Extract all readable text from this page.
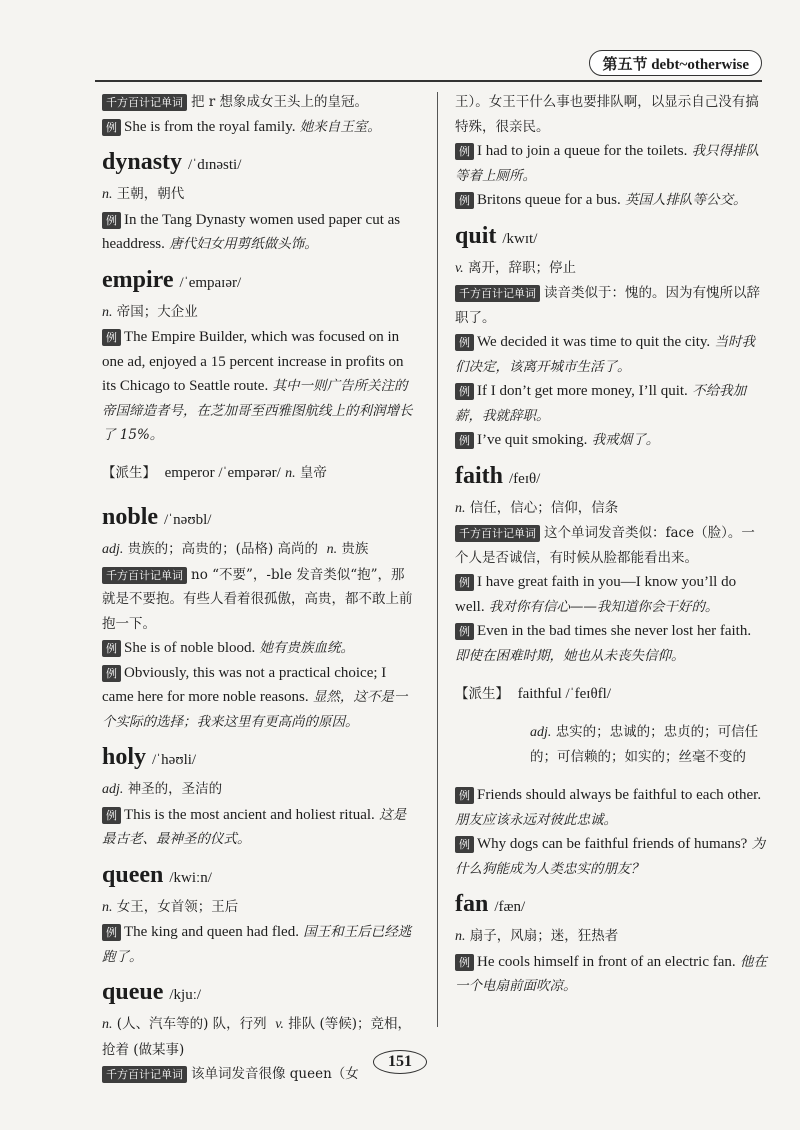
第五节 debt~otherwise

千方百计记单词 把 r 想象成女王头上的皇冠。

例 She is from the royal family. 她来自王室。

dynasty /ˈdɪnəsti/

n. 王朝，朝代

例 In the Tang Dynasty women used paper cut as headdress. 唐代妇女用剪纸做头饰。

empire /ˈempaɪər/

n. 帝国；大企业

例 The Empire Builder, which was focused on in one ad, enjoyed a 15 percent increase in profits on its Chicago to Seattle route. 其中一则广告所关注的帝国缔造者号，在芝加哥至西雅图航线上的利润增长了 15%。

【派生】 emperor /ˈempərər/ n. 皇帝

noble /ˈnəʊbl/

adj. 贵族的；高贵的；(品格) 高尚的 n. 贵族

千方百计记单词 no “不要”，-ble 发音类似“抱”，那就是不要抱。有些人看着很孤傲，高贵，都不敢上前抱一下。

例 She is of noble blood. 她有贵族血统。

例 Obviously, this was not a practical choice; I came here for more noble reasons. 显然，这不是一个实际的选择；我来这里有更高尚的原因。

holy /ˈhəʊli/

adj. 神圣的，圣洁的

例 This is the most ancient and holiest ritual. 这是最古老、最神圣的仪式。

queen /kwiːn/

n. 女王，女首领；王后

例 The king and queen had fled. 国王和王后已经逃跑了。

queue /kjuː/

n. (人、汽车等的) 队，行列 v. 排队 (等候)；竞相，抢着 (做某事)

千方百计记单词 该单词发音很像 queen（女

王）。女王干什么事也要排队啊，以显示自己没有搞特殊，很亲民。

例 I had to join a queue for the toilets. 我只得排队等着上厕所。

例 Britons queue for a bus. 英国人排队等公交。

quit /kwɪt/

v. 离开，辞职；停止

千方百计记单词 读音类似于：愧的。因为有愧所以辞职了。

例 We decided it was time to quit the city. 当时我们决定，该离开城市生活了。

例 If I don’t get more money, I’ll quit. 不给我加薪，我就辞职。

例 I’ve quit smoking. 我戒烟了。

faith /feɪθ/

n. 信任，信心；信仰，信条

千方百计记单词 这个单词发音类似：face（脸）。一个人是否诚信，有时候从脸都能看出来。

例 I have great faith in you—I know you’ll do well. 我对你有信心——我知道你会干好的。

例 Even in the bad times she never lost her faith. 即使在困难时期，她也从未丧失信仰。

【派生】 faithful /ˈfeɪθfl/

adj. 忠实的；忠诚的；忠贞的；可信任的；可信赖的；如实的；丝毫不变的

例 Friends should always be faithful to each other. 朋友应该永远对彼此忠诚。

例 Why dogs can be faithful friends of humans? 为什么狗能成为人类忠实的朋友？

fan /fæn/

n. 扇子，风扇；迷，狂热者

例 He cools himself in front of an electric fan. 他在一个电扇前面吹凉。

151
